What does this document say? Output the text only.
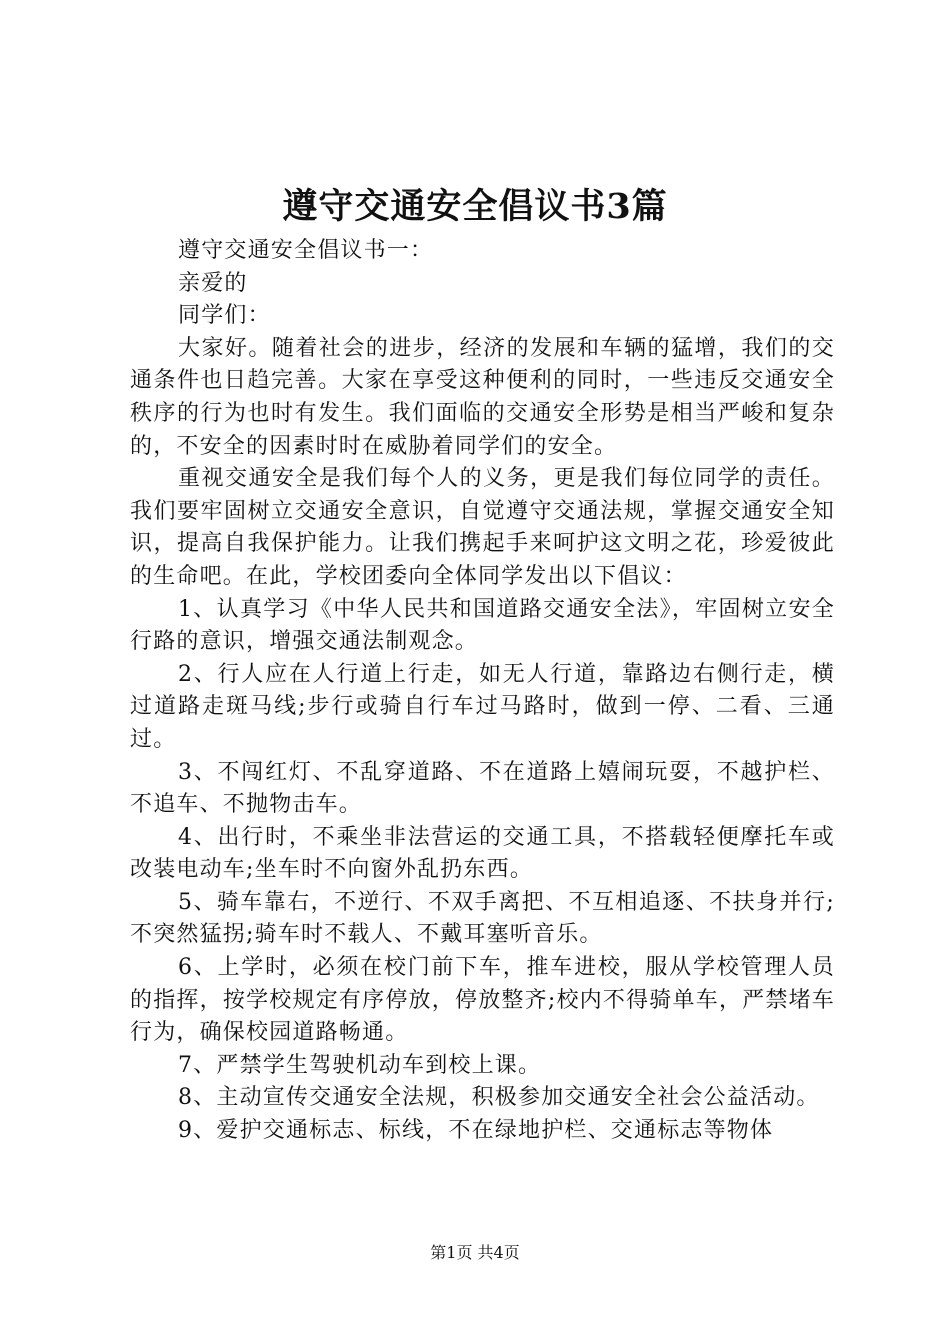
遵守交通安全倡议书3篇

遵守交通安全倡议书一：

亲爱的

同学们：

大家好。随着社会的进步，经济的发展和车辆的猛增，我们的交通条件也日趋完善。大家在享受这种便利的同时，一些违反交通安全秩序的行为也时有发生。我们面临的交通安全形势是相当严峻和复杂的，不安全的因素时时在威胁着同学们的安全。

重视交通安全是我们每个人的义务，更是我们每位同学的责任。我们要牢固树立交通安全意识，自觉遵守交通法规，掌握交通安全知识，提高自我保护能力。让我们携起手来呵护这文明之花，珍爱彼此的生命吧。在此，学校团委向全体同学发出以下倡议：

1、认真学习《中华人民共和国道路交通安全法》，牢固树立安全行路的意识，增强交通法制观念。

2、行人应在人行道上行走，如无人行道，靠路边右侧行走，横过道路走斑马线;步行或骑自行车过马路时，做到一停、二看、三通过。

3、不闯红灯、不乱穿道路、不在道路上嬉闹玩耍，不越护栏、不追车、不抛物击车。

4、出行时，不乘坐非法营运的交通工具，不搭载轻便摩托车或改装电动车;坐车时不向窗外乱扔东西。

5、骑车靠右，不逆行、不双手离把、不互相追逐、不扶身并行;不突然猛拐;骑车时不载人、不戴耳塞听音乐。

6、上学时，必须在校门前下车，推车进校，服从学校管理人员的指挥，按学校规定有序停放，停放整齐;校内不得骑单车，严禁堵车行为，确保校园道路畅通。

7、严禁学生驾驶机动车到校上课。

8、主动宣传交通安全法规，积极参加交通安全社会公益活动。

9、爱护交通标志、标线，不在绿地护栏、交通标志等物体

第1页 共4页
